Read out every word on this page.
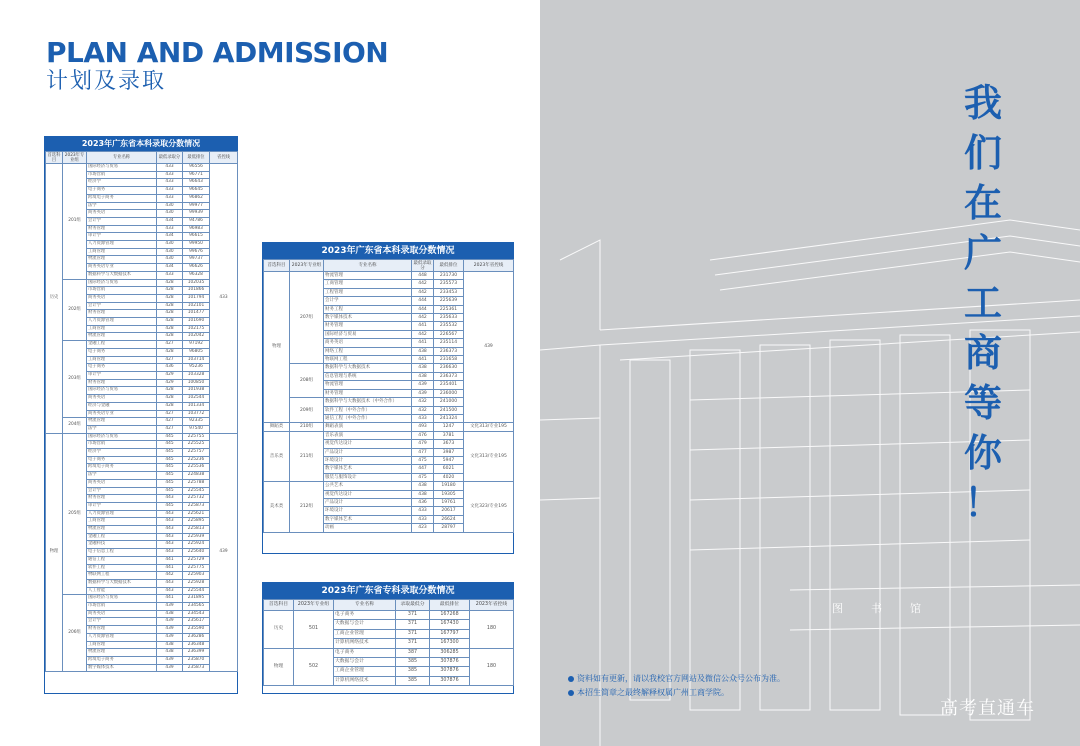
PLAN AND ADMISSION
计划及录取
2023年广东省本科录取分数情况
首选科目	2023年专业组	专业名称	最低录取分	最低排位	省控线
历史	201组	国际经济与贸易	433	96556	433
		市场营销	433	96771	
		经济学	433	96643	
		电子商务	433	96645	
		跨境电子商务	433	96862	
		法学	430	99977	
		商务英语	430	99939	
		会计学	434	94786	
		财务管理	433	96983	
		审计学	434	96615	
		人力资源管理	430	99950	
		工商管理	430	99676	
		物流管理	430	99737	
		商务英语专业	434	96626	
		数据科学与大数据技术	433	96328	
	202组	国际经济与贸易	428	102035	
		市场营销	428	101866	
		商务英语	428	101794	
		会计学	428	102101	
		财务管理	428	101477	
		人力资源管理	428	101690	
		工商管理	428	102175	
		物流管理	428	102042	
	203组	金融工程	427	97192	
		电子商务	428	96805	
		工商管理	427	103714	
		电子商务	436	95236	
		审计学	429	103328	
		财务管理	429	100850	
		国际经济与贸易	428	101938	
		商务英语	428	102544	
		经济与金融	428	101334	
		商务英语专业	427	103772	
	204组	物流管理	427	92335	
		法学	427	97540	
物理	205组	国际经济与贸易	445	225755	439
		市场营销	445	225525	
		经济学	445	225757	
		电子商务	445	225236	
		跨境电子商务	445	225536	
		法学	445	224838	
		商务英语	445	225788	
		会计学	445	225545	
		财务管理	443	225732	
		审计学	445	225873	
		人力资源管理	443	225621	
		工商管理	443	225895	
		物流管理	443	225813	
		金融工程	443	225939	
		金融科技	443	225924	
		电子信息工程	443	225640	
		通信工程	441	225729	
		软件工程	441	225775	
		物联网工程	442	225903	
		数据科学与大数据技术	443	225928	
		人工智能	443	225544	
	206组	国际经济与贸易	441	231895	
		市场营销	439	234565	
		商务英语	438	234543	
		会计学	439	235617	
		财务管理	439	235590	
		人力资源管理	439	236286	
		工商管理	438	236348	
		物流管理	438	236399	
		跨境电子商务	439	235870	
		数字媒体技术	439	235873	
2023年广东省本科录取分数情况
首选科目	2023年专业组	专业名称	最低录取分	最低排位	2023年省控线
物理	207组	物流管理	448	231730	439
		工商管理	442	235573	
		工程管理	442	233453	
		会计学	444	225639	
		财务工程	444	225361	
		数字媒体技术	442	235633	
		财务管理	441	235532	
		国际经济与贸易	442	226567	
		商务英语	441	235114	
		网络工程	438	236373	
		物联网工程	441	231658	
	208组	数据科学与大数据技术	438	236630	
		信息管理与系统	438	236373	
		物流管理	439	235401	
		财务管理	439	236000	
	209组	数据科学与大数据技术（中外合作）	432	241000	
		软件工程（中外合作）	432	241500	
		通信工程（中外合作）	433	241324	
舞蹈类	210组	舞蹈表演	493	1247	文化313/专业195
音乐类	211组	音乐表演	476	3781	文化313/专业195
		视觉传达设计	479	3673	
		产品设计	477	3987	
		环境设计	475	5947	
		数字媒体艺术	447	6021	
		服装与服饰设计	475	4020	
美术类	212组	公共艺术	438	19180	文化323/专业195
		视觉传达设计	438	19305	
		产品设计	436	19761	
		环境设计	433	20617	
		数字媒体艺术	433	26624	
		动画	423	28797	
2023年广东省专科录取分数情况
首选科目	2023年专业组	专业名称	录取最低分	最低排位	2023年省控线
历史	501	电子商务	371	167268	180
		大数据与会计	371	167430	
		工商企业管理	371	167797	
		计算机网络技术	371	167300	
物理	502	电子商务	387	306285	180
		大数据与会计	385	307876	
		工商企业管理	385	307876	
		计算机网络技术	385	307876	
图书馆
我
们
在
广
工
商
等
你
！
资料如有更新，请以我校官方网站及微信公众号公布为准。
本招生简章之最终解释权属广州工商学院。
高考直通车
